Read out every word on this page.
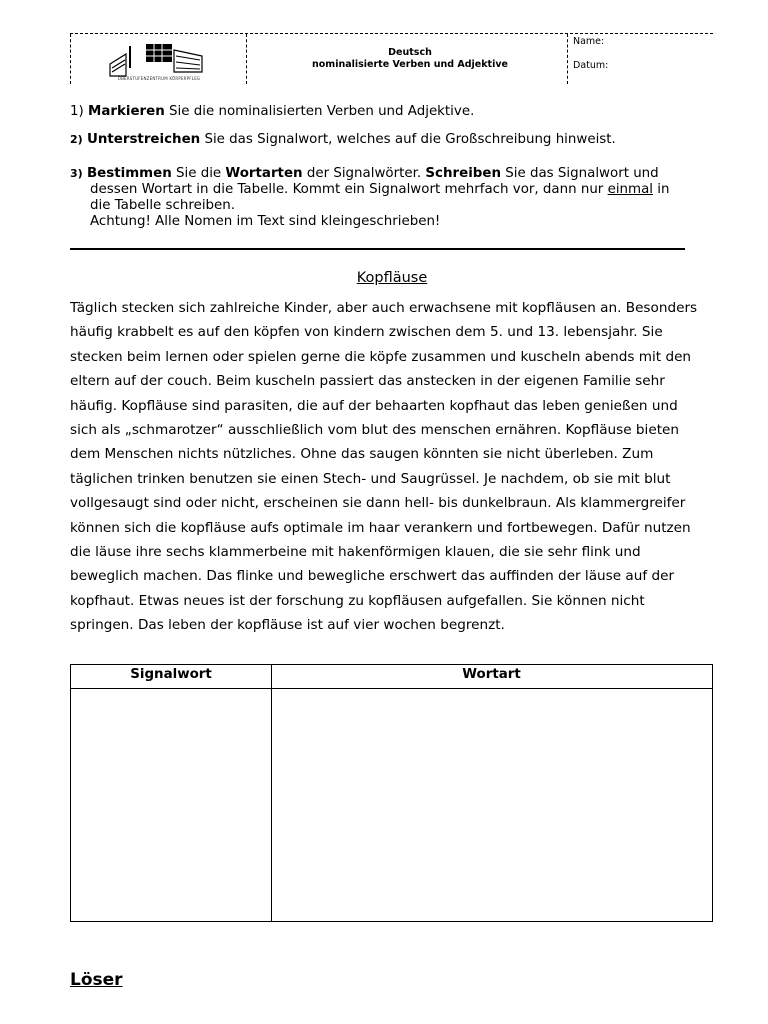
OBERSTUFENZENTRUM KÖRPERPFLEG
Deutsch
nominalisierte Verben und Adjektive
Name:
Datum:
1) Markieren Sie die nominalisierten Verben und Adjektive.
2) Unterstreichen Sie das Signalwort, welches auf die Großschreibung hinweist.
3) Bestimmen Sie die Wortarten der Signalwörter. Schreiben Sie das Signalwort und
dessen Wortart in die Tabelle. Kommt ein Signalwort mehrfach vor, dann nur einmal in
die Tabelle schreiben.
Achtung! Alle Nomen im Text sind kleingeschrieben!
Kopfläuse
Täglich stecken sich zahlreiche Kinder, aber auch erwachsene mit kopfläusen an. Besonders
häufig krabbelt es auf den köpfen von kindern zwischen dem 5. und 13. lebensjahr. Sie
stecken beim lernen oder spielen gerne die köpfe zusammen und kuscheln abends mit den
eltern auf der couch. Beim kuscheln passiert das anstecken in der eigenen Familie sehr
häufig. Kopfläuse sind parasiten, die auf der behaarten kopfhaut das leben genießen und
sich als „schmarotzer“ ausschließlich vom blut des menschen ernähren. Kopfläuse bieten
dem Menschen nichts nützliches. Ohne das saugen könnten sie nicht überleben. Zum
täglichen trinken benutzen sie einen Stech- und Saugrüssel. Je nachdem, ob sie mit blut
vollgesaugt sind oder nicht, erscheinen sie dann hell- bis dunkelbraun. Als klammergreifer
können sich die kopfläuse aufs optimale im haar verankern und fortbewegen. Dafür nutzen
die läuse ihre sechs klammerbeine mit hakenförmigen klauen, die sie sehr flink und
beweglich machen. Das flinke und bewegliche erschwert das auffinden der läuse auf der
kopfhaut. Etwas neues ist der forschung zu kopfläusen aufgefallen. Sie können nicht
springen. Das leben der kopfläuse ist auf vier wochen begrenzt.
Signalwort	Wortart
Löser
